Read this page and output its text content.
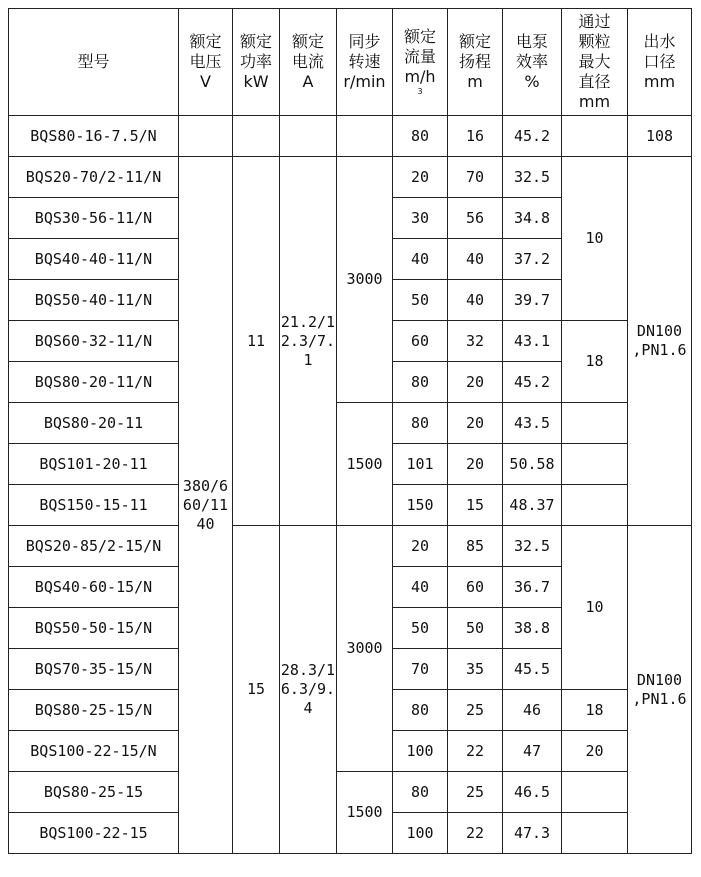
型号	额定
电压
V	额定
功率
kW	额定
电流
A	同步
转速
r/min	额定
流量
m/h
3	额定
扬程
m	电泵
效率
%	通过
颗粒
最大
直径
mm	出水
口径
mm
BQS80-16-7.5/N					80	16	45.2		108
BQS20-70/2-11/N	380/6
60/11
40	11	21.2/1
2.3/7.
1	3000	20	70	32.5	10	DN100
,PN1.6
BQS30-56-11/N					30	56	34.8		
BQS40-40-11/N					40	40	37.2		
BQS50-40-11/N					50	40	39.7		
BQS60-32-11/N					60	32	43.1	18	
BQS80-20-11/N					80	20	45.2		
BQS80-20-11				1500	80	20	43.5		
BQS101-20-11					101	20	50.58		
BQS150-15-11					150	15	48.37		
BQS20-85/2-15/N		15	28.3/1
6.3/9.
4	3000	20	85	32.5	10	DN100
,PN1.6
BQS40-60-15/N					40	60	36.7		
BQS50-50-15/N					50	50	38.8		
BQS70-35-15/N					70	35	45.5		
BQS80-25-15/N					80	25	46	18	
BQS100-22-15/N					100	22	47	20	
BQS80-25-15				1500	80	25	46.5		
BQS100-22-15					100	22	47.3		
